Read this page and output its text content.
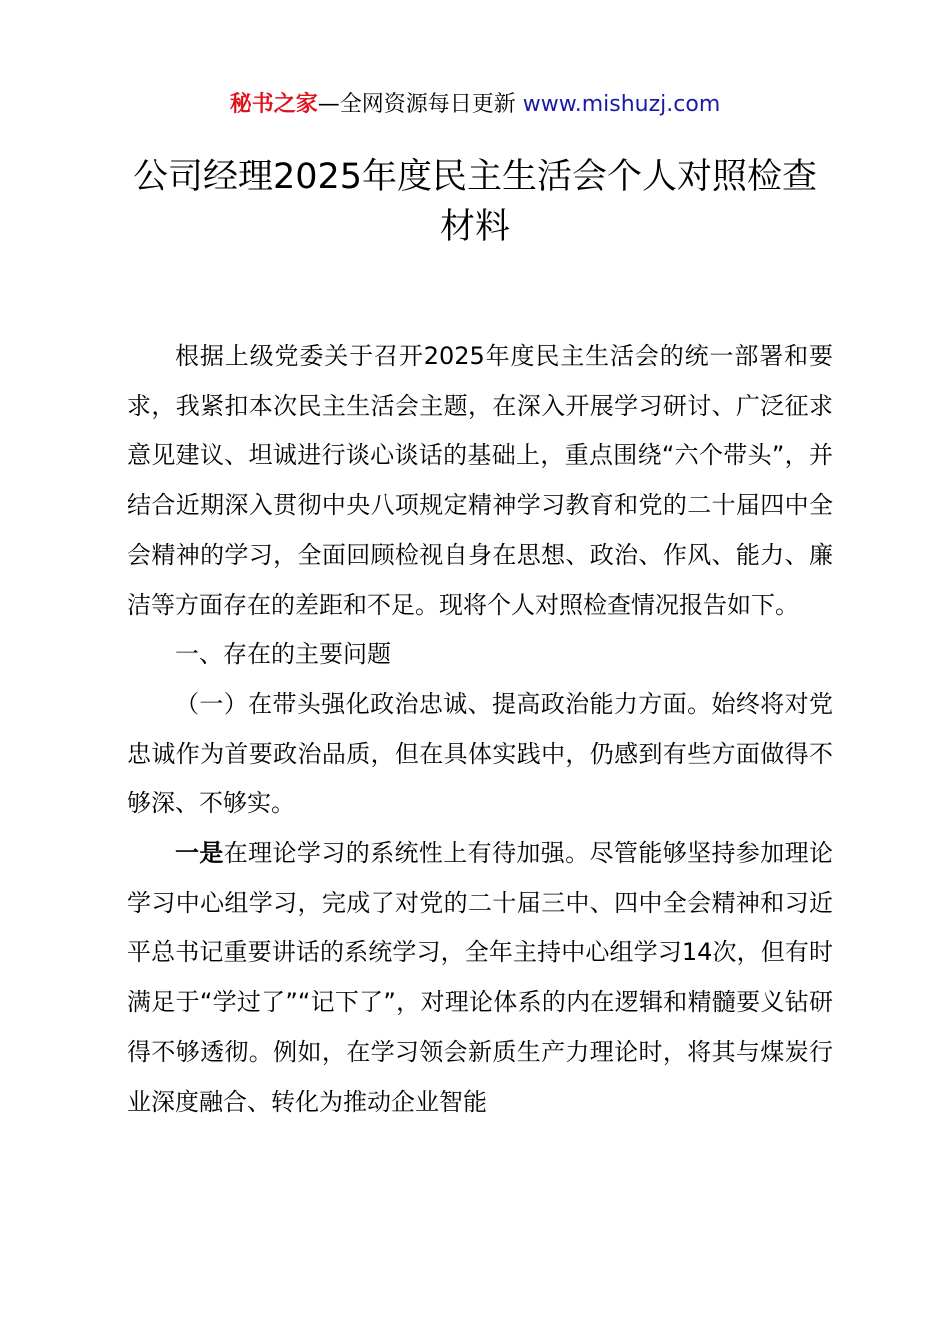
秘书之家—全网资源每日更新 www.mishuzj.com
公司经理2025年度民主生活会个人对照检查材料

根据上级党委关于召开2025年度民主生活会的统一部署和要求，我紧扣本次民主生活会主题，在深入开展学习研讨、广泛征求意见建议、坦诚进行谈心谈话的基础上，重点围绕“六个带头”，并结合近期深入贯彻中央八项规定精神学习教育和党的二十届四中全会精神的学习，全面回顾检视自身在思想、政治、作风、能力、廉洁等方面存在的差距和不足。现将个人对照检查情况报告如下。

一、存在的主要问题

（一）在带头强化政治忠诚、提高政治能力方面。始终将对党忠诚作为首要政治品质，但在具体实践中，仍感到有些方面做得不够深、不够实。

一是在理论学习的系统性上有待加强。尽管能够坚持参加理论学习中心组学习，完成了对党的二十届三中、四中全会精神和习近平总书记重要讲话的系统学习，全年主持中心组学习14次，但有时满足于“学过了”“记下了”，对理论体系的内在逻辑和精髓要义钻研得不够透彻。例如，在学习领会新质生产力理论时，将其与煤炭行业深度融合、转化为推动企业智能
